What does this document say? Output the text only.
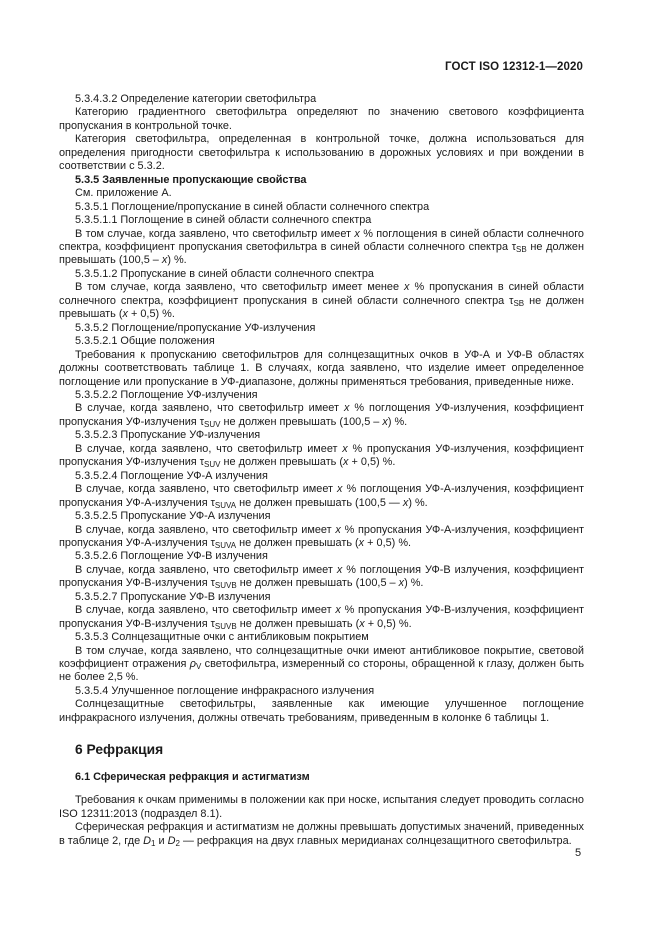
ГОСТ ISO 12312-1—2020

5.3.4.3.2 Определение категории светофильтра

Категорию градиентного светофильтра определяют по значению светового коэффициента пропускания в контрольной точке.

Категория светофильтра, определенная в контрольной точке, должна использоваться для определения пригодности светофильтра к использованию в дорожных условиях и при вождении в соответствии с 5.3.2.

5.3.5 Заявленные пропускающие свойства

См. приложение А.

5.3.5.1 Поглощение/пропускание в синей области солнечного спектра

5.3.5.1.1 Поглощение в синей области солнечного спектра

В том случае, когда заявлено, что светофильтр имеет x % поглощения в синей области солнечного спектра, коэффициент пропускания светофильтра в синей области солнечного спектра $\tau_{SB}$ не должен превышать (100,5 – x) %.

5.3.5.1.2 Пропускание в синей области солнечного спектра

В том случае, когда заявлено, что светофильтр имеет менее x % пропускания в синей области солнечного спектра, коэффициент пропускания в синей области солнечного спектра $\tau_{SB}$ не должен превышать (x + 0,5) %.

5.3.5.2 Поглощение/пропускание УФ-излучения

5.3.5.2.1 Общие положения

Требования к пропусканию светофильтров для солнцезащитных очков в УФ-А и УФ-В областях должны соответствовать таблице 1. В случаях, когда заявлено, что изделие имеет определенное поглощение или пропускание в УФ-диапазоне, должны применяться требования, приведенные ниже.

5.3.5.2.2 Поглощение УФ-излучения

В случае, когда заявлено, что светофильтр имеет x % поглощения УФ-излучения, коэффициент пропускания УФ-излучения $\tau_{SUV}$ не должен превышать (100,5 – x) %.

5.3.5.2.3 Пропускание УФ-излучения

В случае, когда заявлено, что светофильтр имеет x % пропускания УФ-излучения, коэффициент пропускания УФ-излучения $\tau_{SUV}$ не должен превышать (x + 0,5) %.

5.3.5.2.4 Поглощение УФ-А излучения

В случае, когда заявлено, что светофильтр имеет x % поглощения УФ-А-излучения, коэффициент пропускания УФ-А-излучения $\tau_{SUVA}$ не должен превышать (100,5 — x) %.

5.3.5.2.5 Пропускание УФ-А излучения

В случае, когда заявлено, что светофильтр имеет x % пропускания УФ-А-излучения, коэффициент пропускания УФ-А-излучения $\tau_{SUVA}$ не должен превышать (x + 0,5) %.

5.3.5.2.6 Поглощение УФ-В излучения

В случае, когда заявлено, что светофильтр имеет x % поглощения УФ-В излучения, коэффициент пропускания УФ-В-излучения $\tau_{SUVB}$ не должен превышать (100,5 – x) %.

5.3.5.2.7 Пропускание УФ-В излучения

В случае, когда заявлено, что светофильтр имеет x % пропускания УФ-В-излучения, коэффициент пропускания УФ-В-излучения $\tau_{SUVB}$ не должен превышать (x + 0,5) %.

5.3.5.3 Солнцезащитные очки с антибликовым покрытием

В том случае, когда заявлено, что солнцезащитные очки имеют антибликовое покрытие, световой коэффициент отражения $\rho_V$ светофильтра, измеренный со стороны, обращенной к глазу, должен быть не более 2,5 %.

5.3.5.4 Улучшенное поглощение инфракрасного излучения

Солнцезащитные светофильтры, заявленные как имеющие улучшенное поглощение инфракрасного излучения, должны отвечать требованиям, приведенным в колонке 6 таблицы 1.

6 Рефракция

6.1 Сферическая рефракция и астигматизм

Требования к очкам применимы в положении как при носке, испытания следует проводить согласно ISO 12311:2013 (подраздел 8.1).

Сферическая рефракция и астигматизм не должны превышать допустимых значений, приведенных в таблице 2, где $D_1$ и $D_2$ — рефракция на двух главных меридианах солнцезащитного светофильтра.

5
